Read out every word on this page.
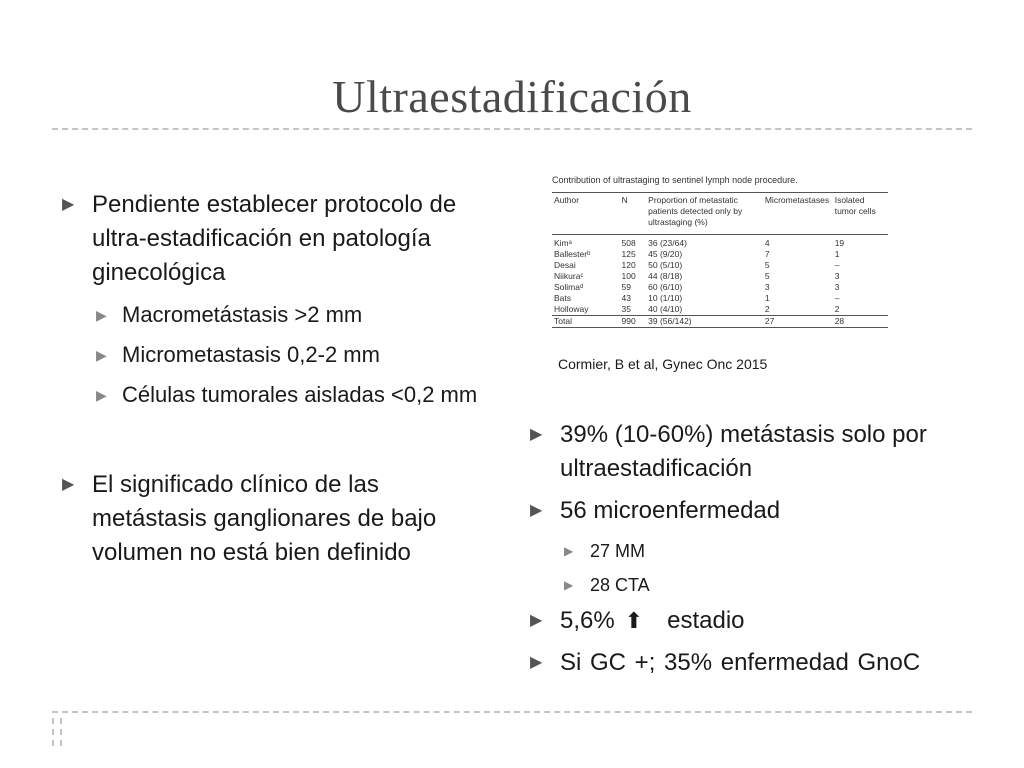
Ultraestadificación
▶ Pendiente establecer protocolo de ultra-estadificación en patología ginecológica
▶ Macrometástasis >2 mm
▶ Micrometastasis 0,2-2 mm
▶ Células tumorales aisladas <0,2 mm
▶ El significado clínico de las metástasis ganglionares de bajo volumen no está bien definido
Contribution of ultrastaging to sentinel lymph node procedure.
Author	N	Proportion of metastatic patients detected only by ultrastaging (%)	Micrometastases	Isolated tumor cells
Kimᵃ	508	36 (23/64)	4	19
Ballesterᵇ	125	45 (9/20)	7	1
Desai	120	50 (5/10)	5	–
Niikuraᶜ	100	44 (8/18)	5	3
Solimaᵈ	59	60 (6/10)	3	3
Bats	43	10 (1/10)	1	–
Holloway	35	40 (4/10)	2	2
Total	990	39 (56/142)	27	28
Cormier, B et al, Gynec Onc 2015
▶ 39% (10-60%) metástasis solo por ultraestadificación
▶ 56 microenfermedad
▶ 27 MM
▶ 28 CTA
▶ 5,6% ⬆︎ estadio
▶ Si GC +; 35% enfermedad GnoC
